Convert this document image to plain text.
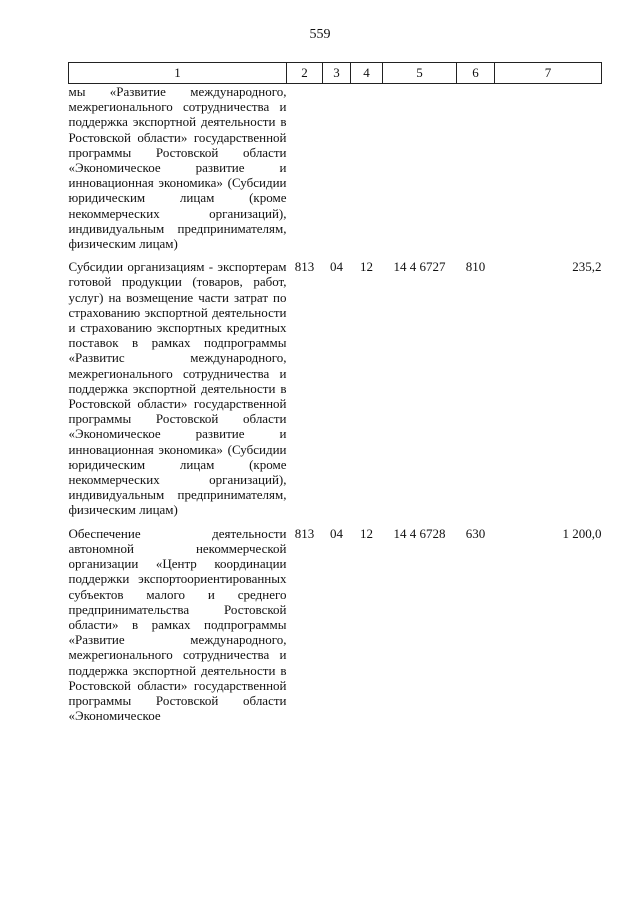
559
1	2	3	4	5	6	7
мы «Развитие международного, межрегионального сотрудничества и поддержка экспортной деятельности в Ростовской области» государственной программы Ростовской области «Экономическое развитие и инновационная экономика» (Субсидии юридическим лицам (кроме некоммерческих организаций), индивидуальным предпринимателям, физическим лицам)						
Субсидии организациям - экспортерам готовой продукции (товаров, работ, услуг) на возмещение части затрат по страхованию экспортной деятельности и страхованию экспортных кредитных поставок в рамках подпрограммы «Развитис международного, межрегионального сотрудничества и поддержка экспортной деятельности в Ростовской области» государственной программы Ростовской области «Экономическое развитие и инновационная экономика» (Субсидии юридическим лицам (кроме некоммерческих организаций), индивидуальным предпринимателям, физическим лицам)	813	04	12	14 4 6727	810	235,2
Обеспечение деятельности автономной некоммерческой организации «Центр координации поддержки экспортоориентированных субъектов малого и среднего предпринимательства Ростовской области» в рамках подпрограммы «Развитие международного, межрегионального сотрудничества и поддержка экспортной деятельности в Ростовской области» государственной программы Ростовской области «Экономическое	813	04	12	14 4 6728	630	1 200,0
